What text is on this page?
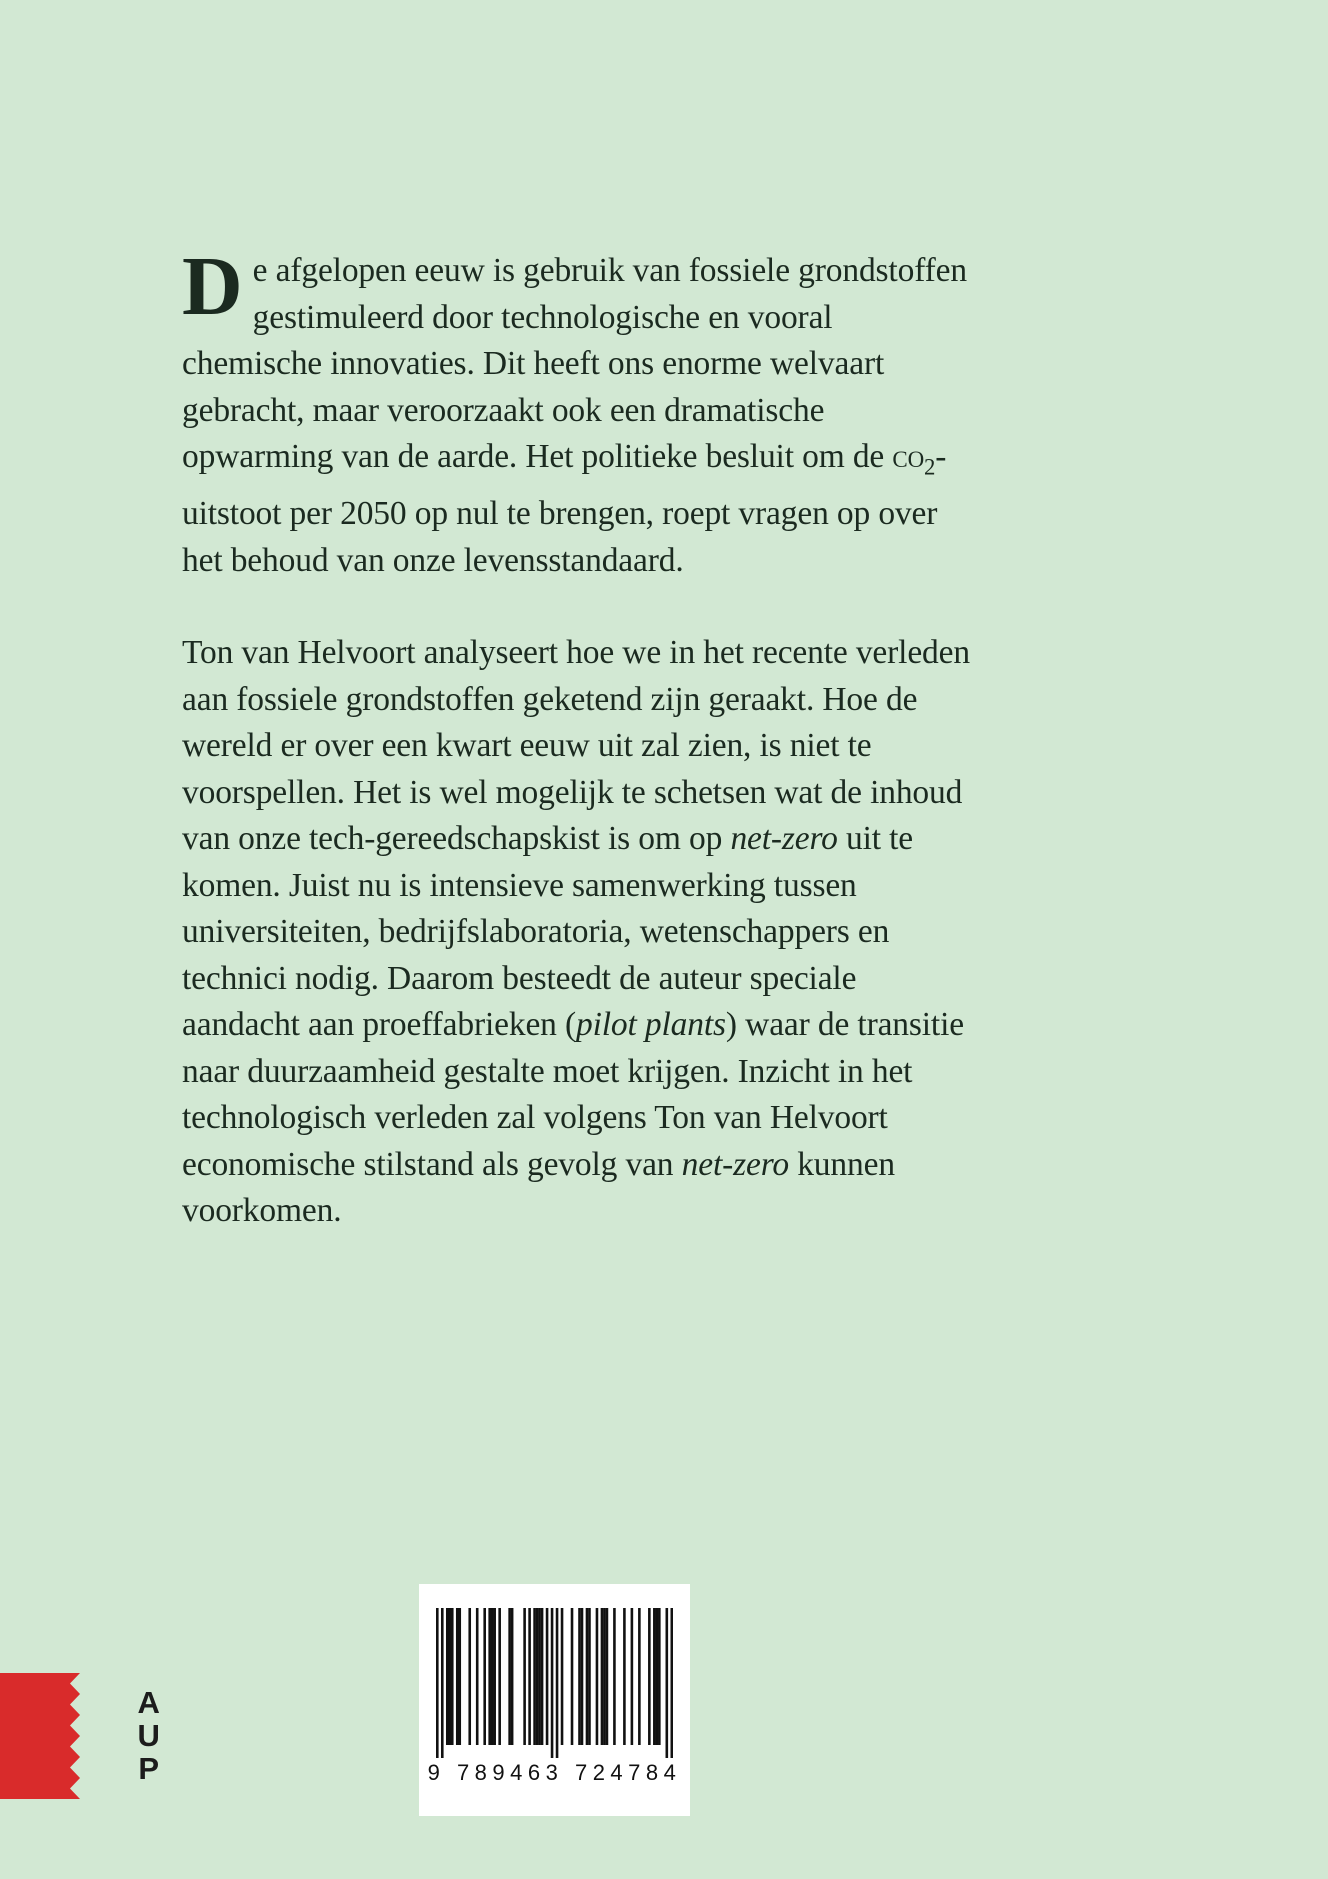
De afgelopen eeuw is gebruik van fossiele grondstoffen gestimuleerd door technologische en vooral chemische innovaties. Dit heeft ons enorme welvaart gebracht, maar veroorzaakt ook een dramatische opwarming van de aarde. Het politieke besluit om de $co_2$-uitstoot per 2050 op nul te brengen, roept vragen op over het behoud van onze levensstandaard.

Ton van Helvoort analyseert hoe we in het recente verleden aan fossiele grondstoffen geketend zijn geraakt. Hoe de wereld er over een kwart eeuw uit zal zien, is niet te voorspellen. Het is wel mogelijk te schetsen wat de inhoud van onze tech-gereedschapskist is om op net-zero uit te komen. Juist nu is intensieve samenwerking tussen universiteiten, bedrijfslaboratoria, wetenschappers en technici nodig. Daarom besteedt de auteur speciale aandacht aan proeffabrieken (pilot plants) waar de transitie naar duurzaamheid gestalte moet krijgen. Inzicht in het technologisch verleden zal volgens Ton van Helvoort economische stilstand als gevolg van net-zero kunnen voorkomen.

A
U
P	9 789463 724784
